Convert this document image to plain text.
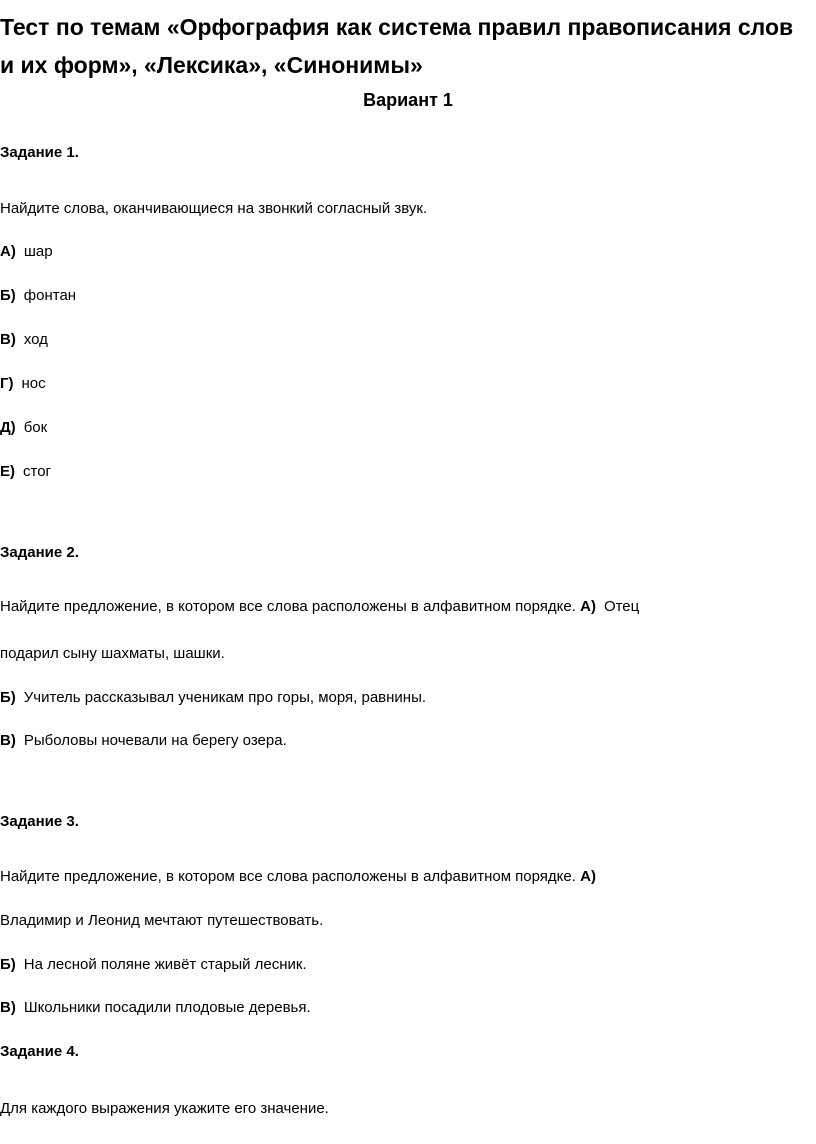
Тест по темам «Орфография как система правил правописания слов и их форм», «Лексика», «Синонимы»
Вариант 1
Задание 1.
Найдите слова, оканчивающиеся на звонкий согласный звук.
А) шар
Б) фонтан
В) ход
Г) нос
Д) бок
Е) стог
Задание 2.
Найдите предложение, в котором все слова расположены в алфавитном порядке. А) Отец
подарил сыну шахматы, шашки.
Б) Учитель рассказывал ученикам про горы, моря, равнины.
В) Рыболовы ночевали на берегу озера.
Задание 3.
Найдите предложение, в котором все слова расположены в алфавитном порядке. А)
Владимир и Леонид мечтают путешествовать.
Б) На лесной поляне живёт старый лесник.
В) Школьники посадили плодовые деревья.
Задание 4.
Для каждого выражения укажите его значение.
